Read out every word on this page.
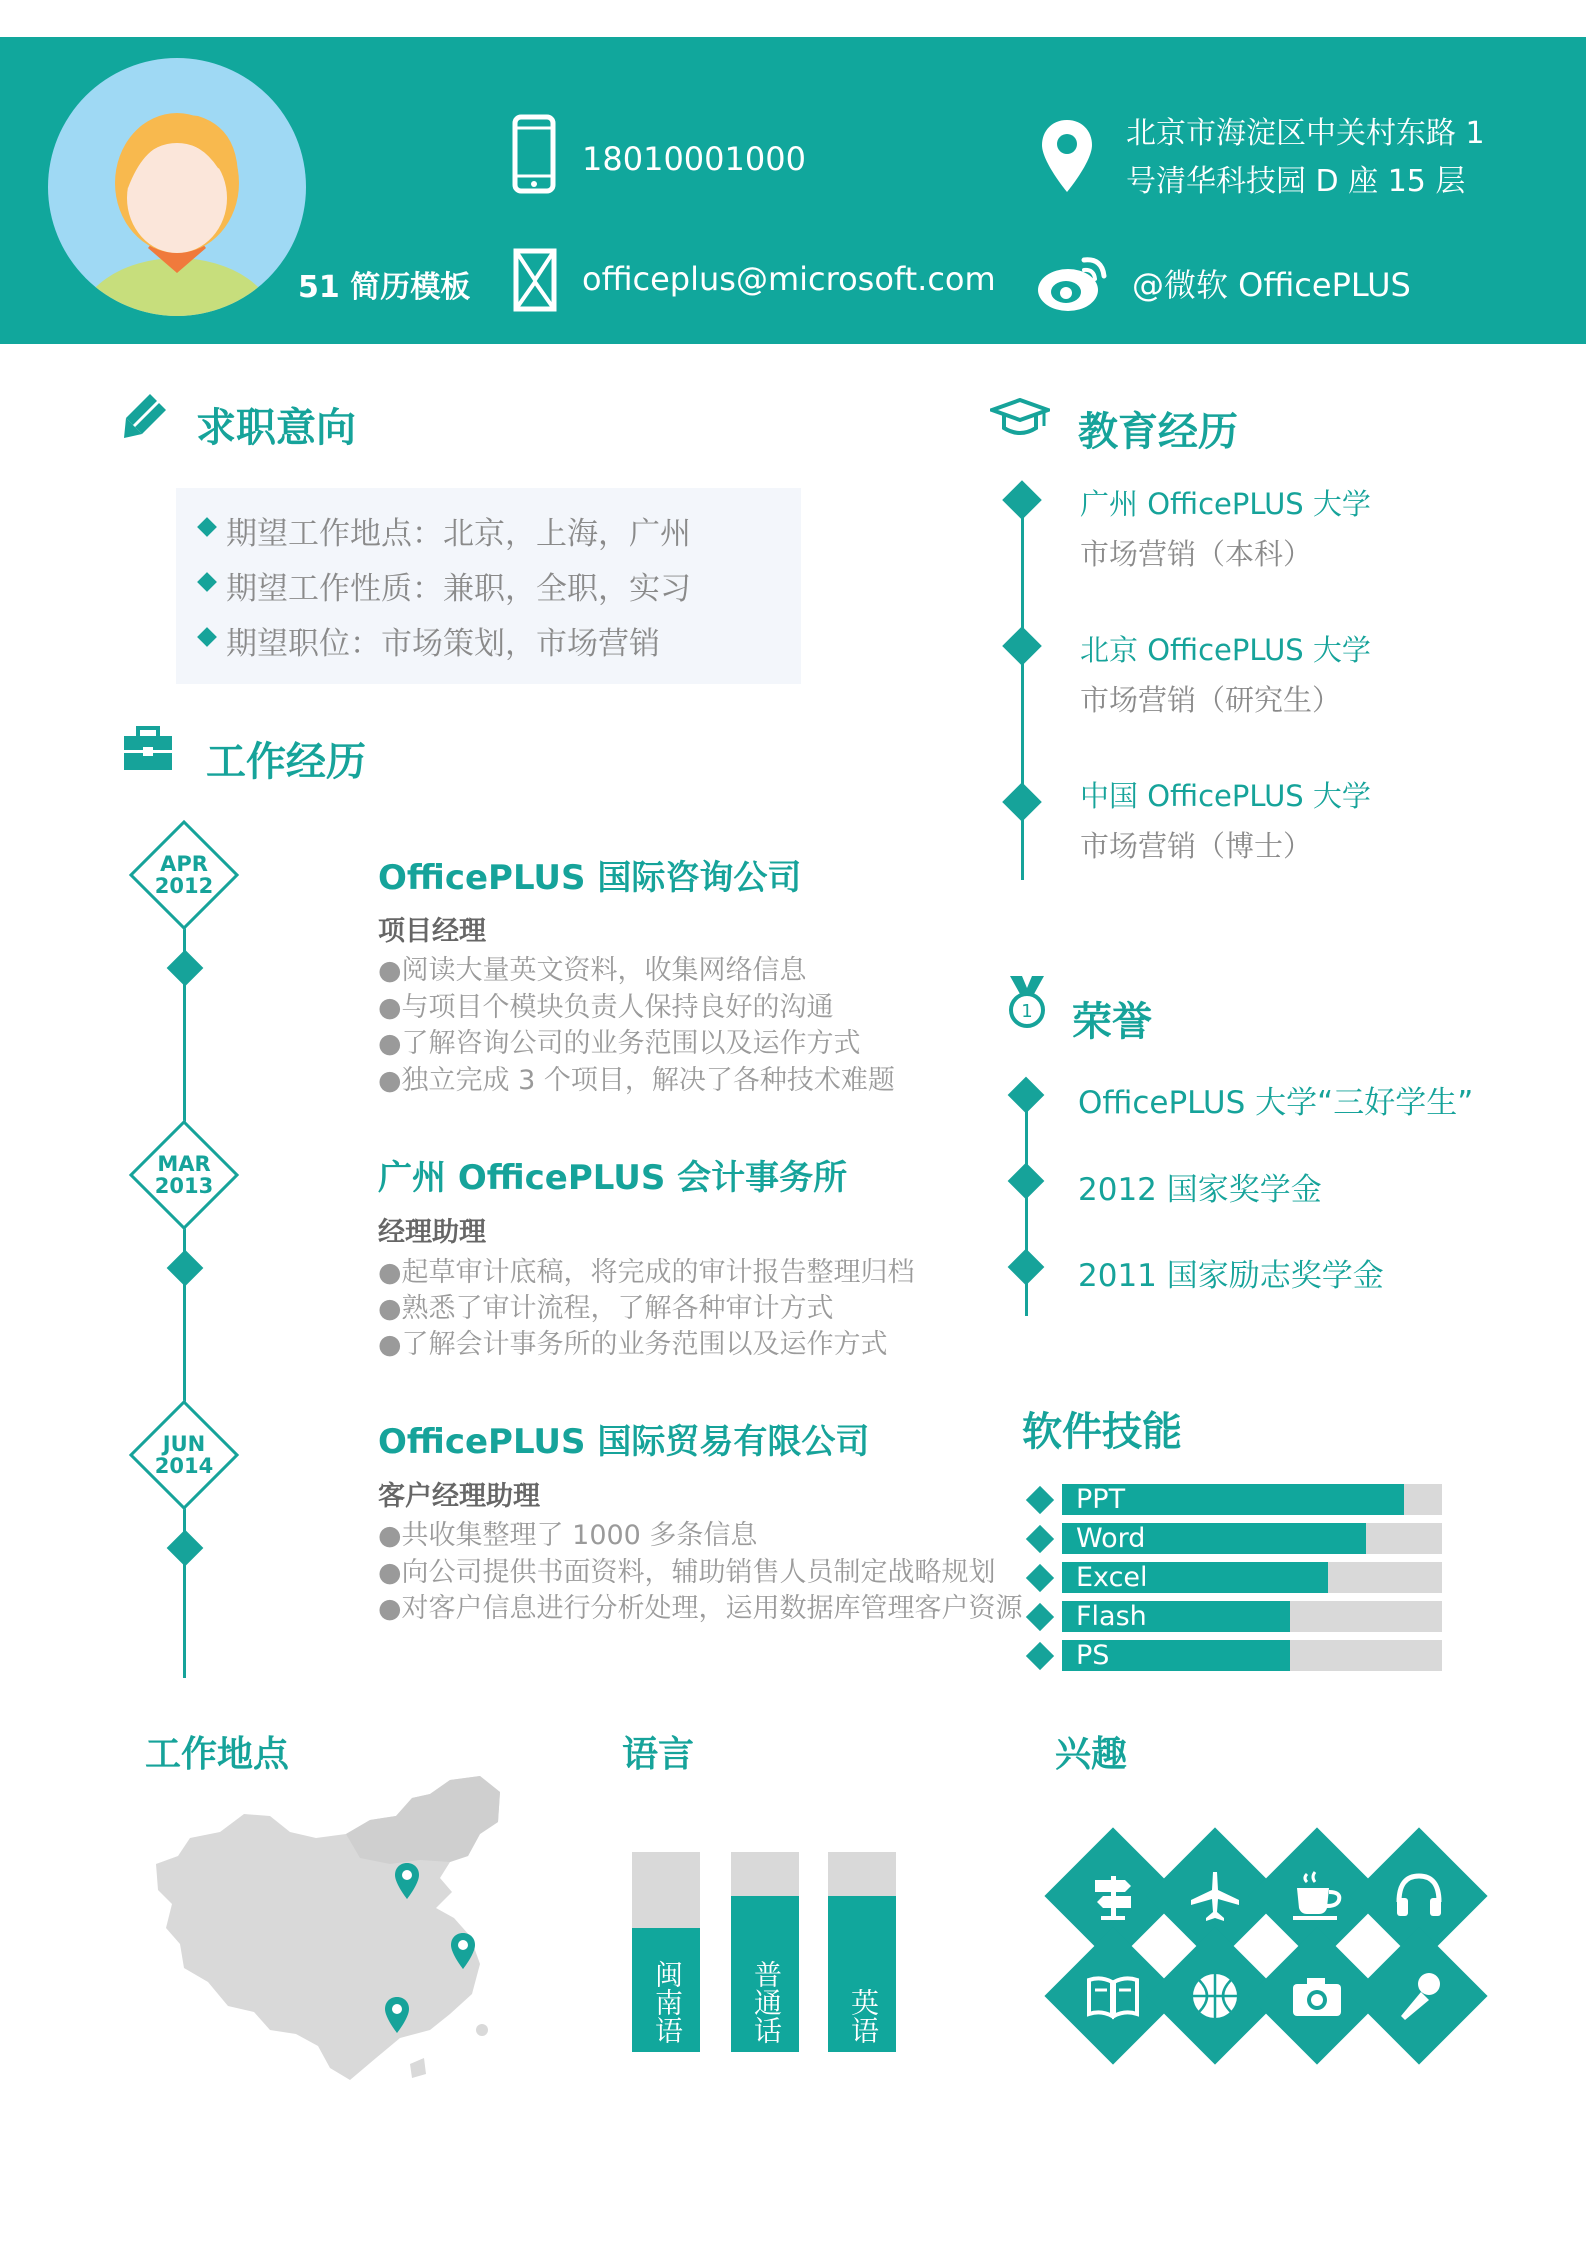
51 简历模板
18010001000
officeplus@microsoft.com
北京市海淀区中关村东路 1
号清华科技园 D 座 15 层
@微软 OfficePLUS
求职意向
期望工作地点：北京，上海，广州
期望工作性质：兼职，全职，实习
期望职位：市场策划，市场营销
工作经历
APR
2012	OfficePLUS 国际咨询公司
项目经理
●阅读大量英文资料，收集网络信息
●与项目个模块负责人保持良好的沟通
●了解咨询公司的业务范围以及运作方式
●独立完成 3 个项目，解决了各种技术难题
MAR
2013	广州 OfficePLUS 会计事务所
经理助理
●起草审计底稿，将完成的审计报告整理归档
●熟悉了审计流程，了解各种审计方式
●了解会计事务所的业务范围以及运作方式
JUN
2014
OfficePLUS 国际贸易有限公司
客户经理助理
●共收集整理了 1000 多条信息
●向公司提供书面资料，辅助销售人员制定战略规划
●对客户信息进行分析处理，运用数据库管理客户资源
教育经历
广州 OfficePLUS 大学
市场营销（本科）
北京 OfficePLUS 大学
市场营销（研究生）
中国 OfficePLUS 大学
市场营销（博士）
1 荣誉
OfficePLUS 大学“三好学生”
2012 国家奖学金
2011 国家励志奖学金
软件技能
PPT
Word
Excel
Flash
PS
工作地点	语言
闽南语 普通话 英语
兴趣
